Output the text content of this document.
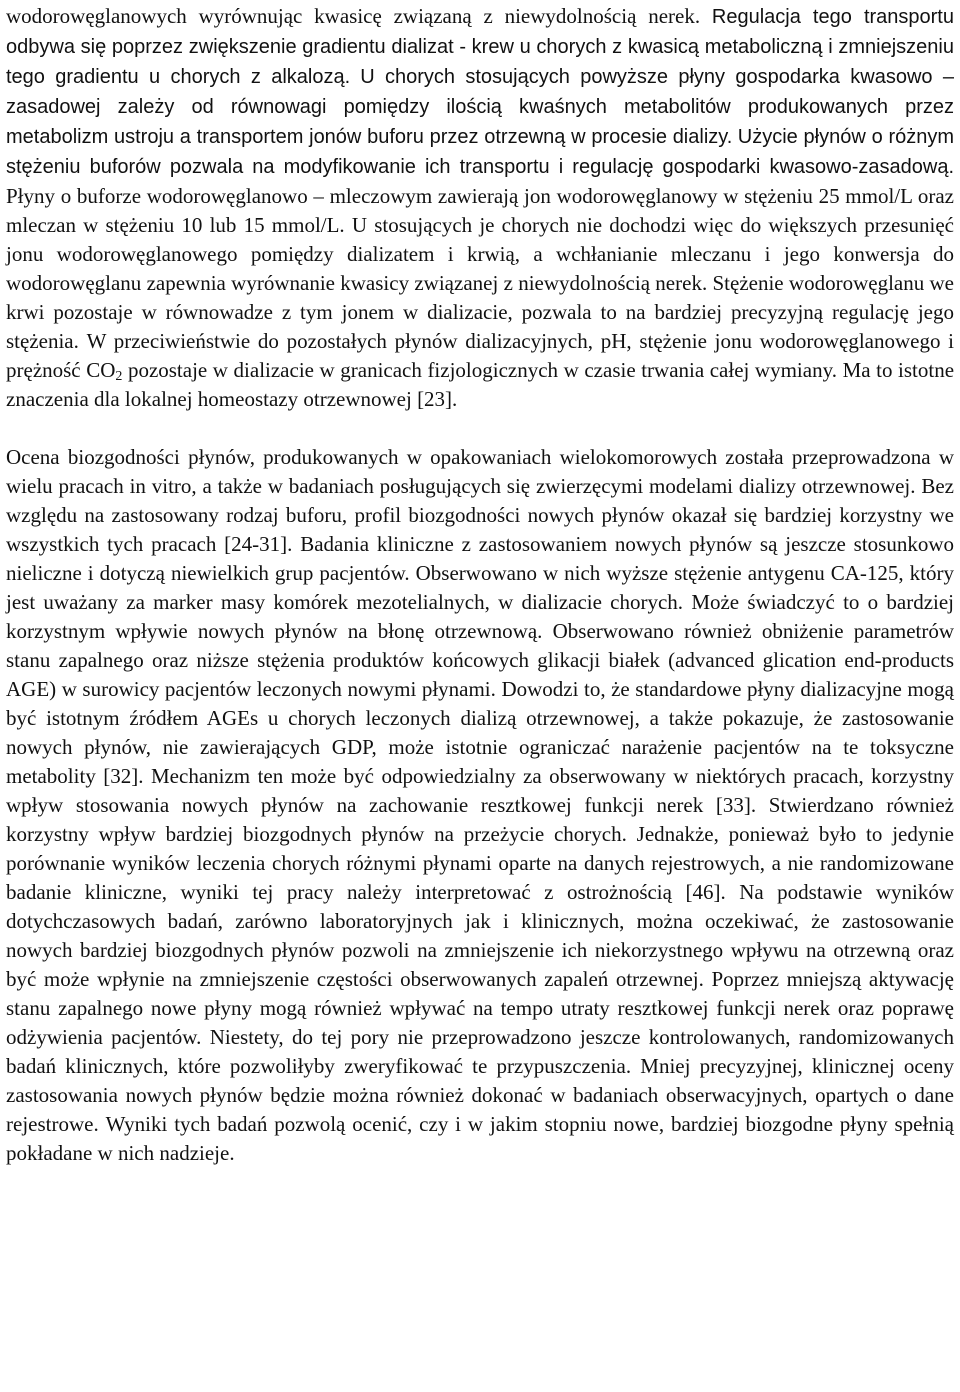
wodorowęglanowych wyrównując kwasicę związaną z niewydolnością nerek. Regulacja tego transportu odbywa się poprzez zwiększenie gradientu dializat - krew u chorych z kwasicą metaboliczną i zmniejszeniu tego gradientu u chorych z alkalozą. U chorych stosujących powyższe płyny gospodarka kwasowo – zasadowej zależy od równowagi pomiędzy ilością kwaśnych metabolitów produkowanych przez metabolizm ustroju a transportem jonów buforu przez otrzewną w procesie dializy. Użycie płynów o różnym stężeniu buforów pozwala na modyfikowanie ich transportu i regulację gospodarki kwasowo-zasadową. Płyny o buforze wodorowęglanowo – mleczowym zawierają jon wodorowęglanowy w stężeniu 25 mmol/L oraz mleczan w stężeniu 10 lub 15 mmol/L. U stosujących je chorych nie dochodzi więc do większych przesunięć jonu wodorowęglanowego pomiędzy dializatem i krwią, a wchłanianie mleczanu i jego konwersja do wodorowęglanu zapewnia wyrównanie kwasicy związanej z niewydolnością nerek. Stężenie wodorowęglanu we krwi pozostaje w równowadze z tym jonem w dializacie, pozwala to na bardziej precyzyjną regulację jego stężenia. W przeciwieństwie do pozostałych płynów dializacyjnych, pH, stężenie jonu wodorowęglanowego i prężność $CO_2$ pozostaje w dializacie w granicach fizjologicznych w czasie trwania całej wymiany. Ma to istotne znaczenia dla lokalnej homeostazy otrzewnowej [23].

Ocena biozgodności płynów, produkowanych w opakowaniach wielokomorowych została przeprowadzona w wielu pracach in vitro, a także w badaniach posługujących się zwierzęcymi modelami dializy otrzewnowej. Bez względu na zastosowany rodzaj buforu, profil biozgodności nowych płynów okazał się bardziej korzystny we wszystkich tych pracach [24-31]. Badania kliniczne z zastosowaniem nowych płynów są jeszcze stosunkowo nieliczne i dotyczą niewielkich grup pacjentów. Obserwowano w nich wyższe stężenie antygenu CA-125, który jest uważany za marker masy komórek mezotelialnych, w dializacie chorych. Może świadczyć to o bardziej korzystnym wpływie nowych płynów na błonę otrzewnową. Obserwowano również obniżenie parametrów stanu zapalnego oraz niższe stężenia produktów końcowych glikacji białek (advanced glication end-products AGE) w surowicy pacjentów leczonych nowymi płynami. Dowodzi to, że standardowe płyny dializacyjne mogą być istotnym źródłem AGEs u chorych leczonych dializą otrzewnowej, a także pokazuje, że zastosowanie nowych płynów, nie zawierających GDP, może istotnie ograniczać narażenie pacjentów na te toksyczne metabolity [32]. Mechanizm ten może być odpowiedzialny za obserwowany w niektórych pracach, korzystny wpływ stosowania nowych płynów na zachowanie resztkowej funkcji nerek [33]. Stwierdzano również korzystny wpływ bardziej biozgodnych płynów na przeżycie chorych. Jednakże, ponieważ było to jedynie porównanie wyników leczenia chorych różnymi płynami oparte na danych rejestrowych, a nie randomizowane badanie kliniczne, wyniki tej pracy należy interpretować z ostrożnością [46]. Na podstawie wyników dotychczasowych badań, zarówno laboratoryjnych jak i klinicznych, można oczekiwać, że zastosowanie nowych bardziej biozgodnych płynów pozwoli na zmniejszenie ich niekorzystnego wpływu na otrzewną oraz być może wpłynie na zmniejszenie częstości obserwowanych zapaleń otrzewnej. Poprzez mniejszą aktywację stanu zapalnego nowe płyny mogą również wpływać na tempo utraty resztkowej funkcji nerek oraz poprawę odżywienia pacjentów. Niestety, do tej pory nie przeprowadzono jeszcze kontrolowanych, randomizowanych badań klinicznych, które pozwoliłyby zweryfikować te przypuszczenia. Mniej precyzyjnej, klinicznej oceny zastosowania nowych płynów będzie można również dokonać w badaniach obserwacyjnych, opartych o dane rejestrowe. Wyniki tych badań pozwolą ocenić, czy i w jakim stopniu nowe, bardziej biozgodne płyny spełnią pokładane w nich nadzieje.
